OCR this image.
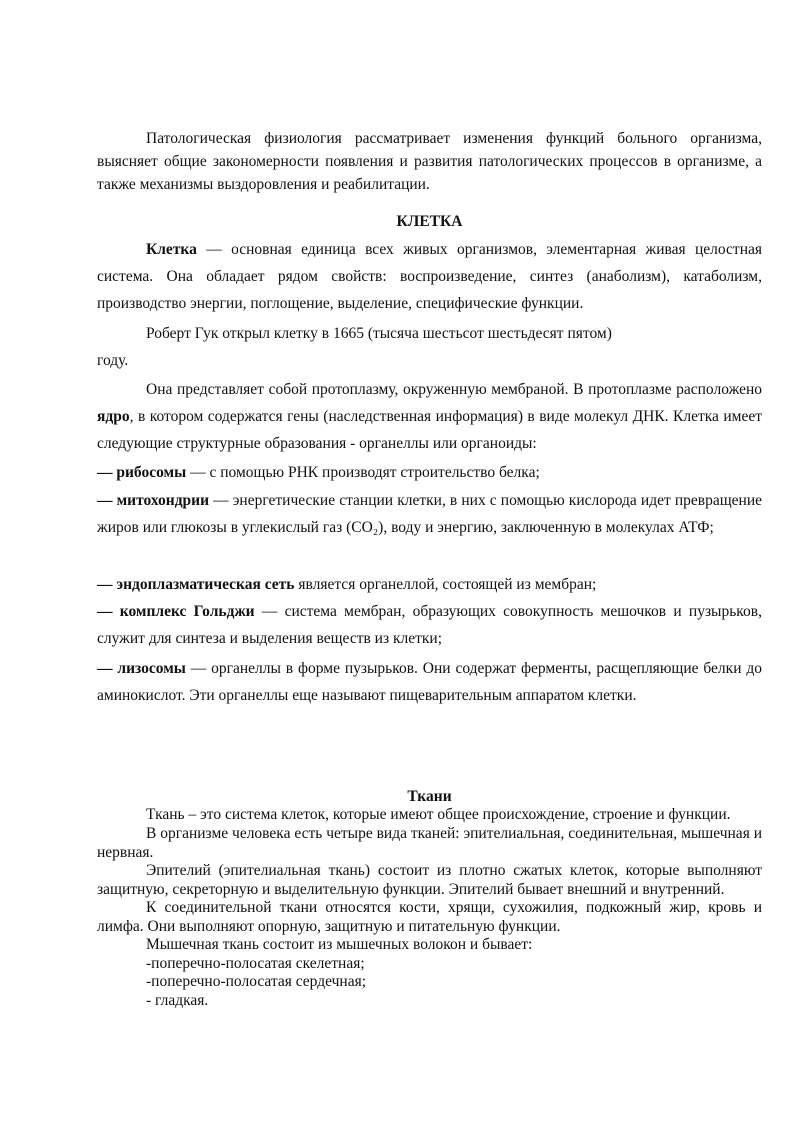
Патологическая физиология рассматривает изменения функций больного организма, выясняет общие закономерности появления и развития патологических процессов в организме, а также механизмы выздоровления и реабилитации.

КЛЕТКА

Клетка — основная единица всех живых организмов, элементарная живая целостная система. Она обладает рядом свойств: воспроизведение, синтез (анаболизм), катаболизм, производство энергии, поглощение, выделение, специфические функции.

Роберт Гук открыл клетку в 1665 (тысяча шестьсот шестьдесят пятом)
году.

Она представляет собой протоплазму, окруженную мембраной. В протоплазме расположено ядро, в котором содержатся гены (наследственная информация) в виде молекул ДНК. Клетка имеет следующие структурные образования - органеллы или органоиды:

— рибосомы — с помощью РНК производят строительство белка;

— митохондрии — энергетические станции клетки, в них с помощью кислорода идет превращение жиров или глюкозы в углекислый газ (CO₂), воду и энергию, заключенную в молекулах АТФ;

— эндоплазматическая сеть является органеллой, состоящей из мембран;

— комплекс Гольджи — система мембран, образующих совокупность мешочков и пузырьков, служит для синтеза и выделения веществ из клетки;

— лизосомы — органеллы в форме пузырьков. Они содержат ферменты, расщепляющие белки до аминокислот. Эти органеллы еще называют пищеварительным аппаратом клетки.

Ткани

Ткань – это система клеток, которые имеют общее происхождение, строение и функции.

В организме человека есть четыре вида тканей: эпителиальная, соединительная, мышечная и нервная.

Эпителий (эпителиальная ткань) состоит из плотно сжатых клеток, которые выполняют защитную, секреторную и выделительную функции. Эпителий бывает внешний и внутренний.

К соединительной ткани относятся кости, хрящи, сухожилия, подкожный жир, кровь и лимфа. Они выполняют опорную, защитную и питательную функции.

Мышечная ткань состоит из мышечных волокон и бывает:

-поперечно-полосатая скелетная;
-поперечно-полосатая сердечная;
- гладкая.
